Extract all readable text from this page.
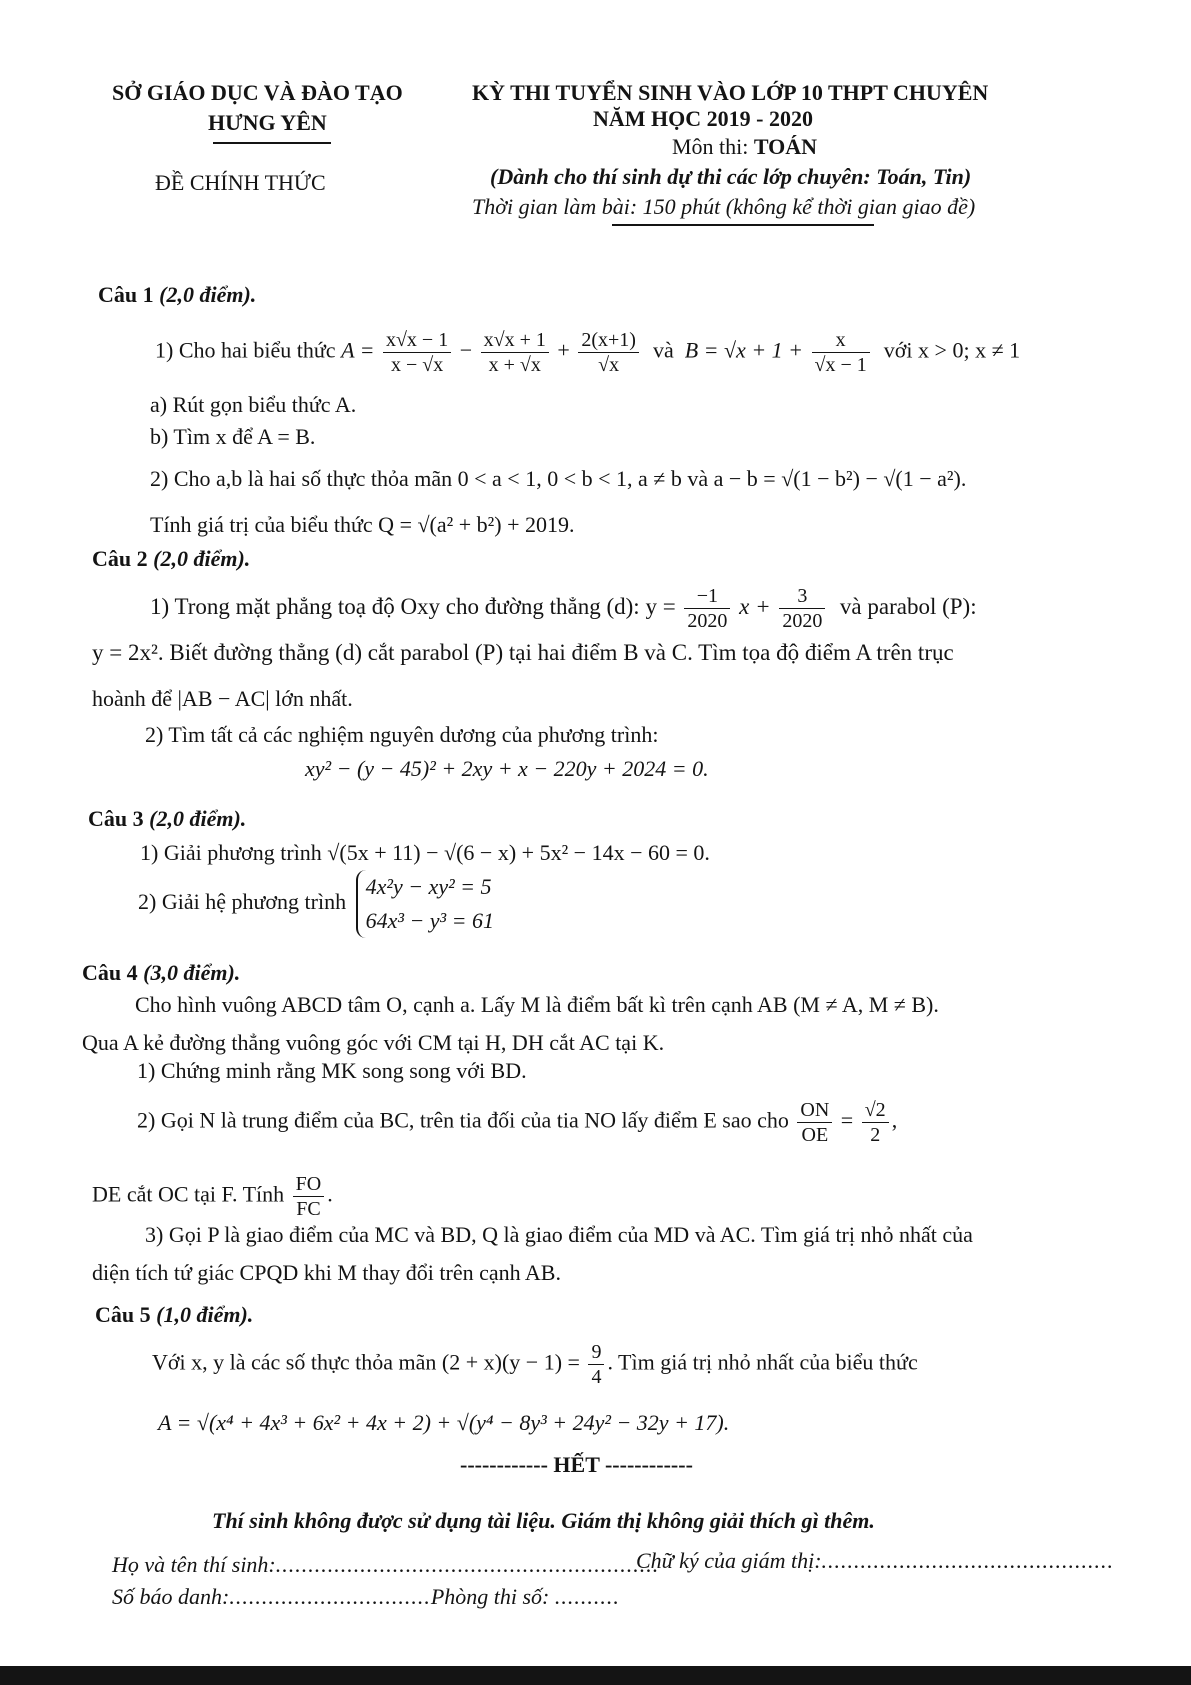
SỞ GIÁO DỤC VÀ ĐÀO TẠO
HƯNG YÊN
ĐỀ CHÍNH THỨC
KỲ THI TUYỂN SINH VÀO LỚP 10 THPT CHUYÊN
NĂM HỌC 2019 - 2020
Môn thi: TOÁN
(Dành cho thí sinh dự thi các lớp chuyên: Toán, Tin)
Thời gian làm bài: 150 phút (không kể thời gian giao đề)
Câu 1 (2,0 điểm).
1) Cho hai biểu thức $A = \frac{x√x - 1}{x - √x} - \frac{x√x + 1}{x + √x} + \frac{2(x+1)}{√x}$ và $B = √x + 1 + \frac{x}{√x - 1}$ với x > 0; x ≠ 1
a) Rút gọn biểu thức A.
b) Tìm x để A = B.
2) Cho a,b là hai số thực thỏa mãn 0 < a < 1, 0 < b < 1, a ≠ b và a − b = √(1 − b²) − √(1 − a²).
Tính giá trị của biểu thức Q = √(a² + b²) + 2019.
Câu 2 (2,0 điểm).
1) Trong mặt phẳng toạ độ Oxy cho đường thẳng (d): $y = \frac{-1}{2020}$ $x + \frac{3}{2020}$ và parabol (P):
y = 2x². Biết đường thẳng (d) cắt parabol (P) tại hai điểm B và C. Tìm tọa độ điểm A trên trục
hoành để |AB − AC| lớn nhất.
2) Tìm tất cả các nghiệm nguyên dương của phương trình:
xy² − (y − 45)² + 2xy + x − 220y + 2024 = 0.
Câu 3 (2,0 điểm).
1) Giải phương trình √(5x + 11) − √(6 − x) + 5x² − 14x − 60 = 0.
2) Giải hệ phương trình
4x²y − xy² = 5
64x³ − y³ = 61
Câu 4 (3,0 điểm).
Cho hình vuông ABCD tâm O, cạnh a. Lấy M là điểm bất kì trên cạnh AB (M ≠ A, M ≠ B).
Qua A kẻ đường thẳng vuông góc với CM tại H, DH cắt AC tại K.
1) Chứng minh rằng MK song song với BD.
2) Gọi N là trung điểm của BC, trên tia đối của tia NO lấy điểm E sao cho $\frac{ON}{OE} = \frac{√2}{2}$ ,
DE cắt OC tại F. Tính $\frac{FO}{FC}$ .
3) Gọi P là giao điểm của MC và BD, Q là giao điểm của MD và AC. Tìm giá trị nhỏ nhất của
diện tích tứ giác CPQD khi M thay đổi trên cạnh AB.
Câu 5 (1,0 điểm).
Với x, y là các số thực thỏa mãn $(2 + x)(y - 1) = \frac{9}{4}$ . Tìm giá trị nhỏ nhất của biểu thức
A = √(x⁴ + 4x³ + 6x² + 4x + 2) + √(y⁴ − 8y³ + 24y² − 32y + 17).
------------ HẾT ------------
Thí sinh không được sử dụng tài liệu. Giám thị không giải thích gì thêm.
Họ và tên thí sinh:...........................................................
Chữ ký của giám thị:.............................................
Số báo danh:...............................Phòng thi số: ..........
